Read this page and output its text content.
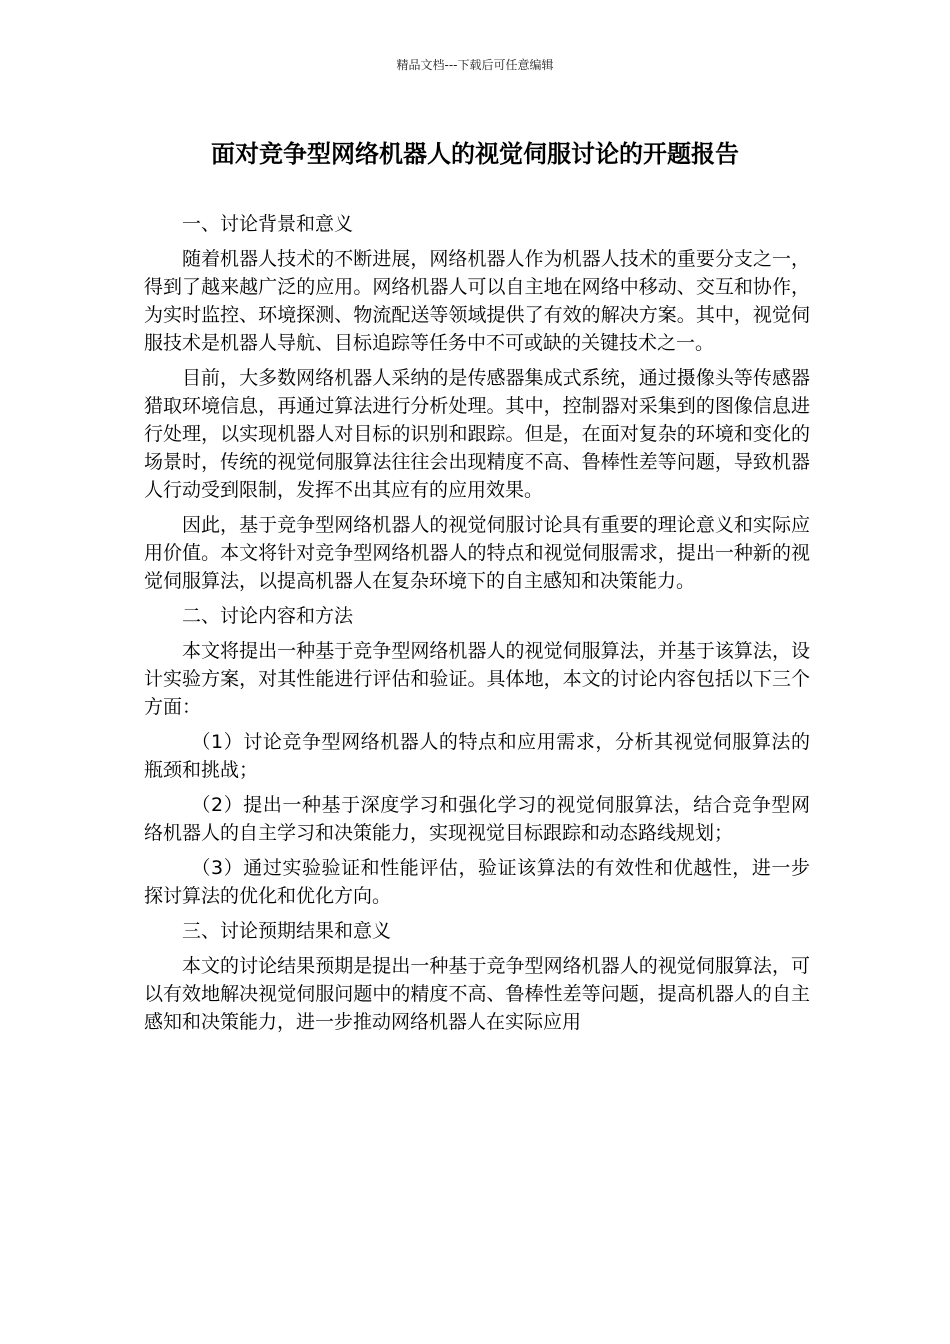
精品文档---下载后可任意编辑
面对竞争型网络机器人的视觉伺服讨论的开题报告

一、讨论背景和意义

随着机器人技术的不断进展，网络机器人作为机器人技术的重要分支之一，得到了越来越广泛的应用。网络机器人可以自主地在网络中移动、交互和协作，为实时监控、环境探测、物流配送等领域提供了有效的解决方案。其中，视觉伺服技术是机器人导航、目标追踪等任务中不可或缺的关键技术之一。

目前，大多数网络机器人采纳的是传感器集成式系统，通过摄像头等传感器猎取环境信息，再通过算法进行分析处理。其中，控制器对采集到的图像信息进行处理，以实现机器人对目标的识别和跟踪。但是，在面对复杂的环境和变化的场景时，传统的视觉伺服算法往往会出现精度不高、鲁棒性差等问题，导致机器人行动受到限制，发挥不出其应有的应用效果。

因此，基于竞争型网络机器人的视觉伺服讨论具有重要的理论意义和实际应用价值。本文将针对竞争型网络机器人的特点和视觉伺服需求，提出一种新的视觉伺服算法，以提高机器人在复杂环境下的自主感知和决策能力。

二、讨论内容和方法

本文将提出一种基于竞争型网络机器人的视觉伺服算法，并基于该算法，设计实验方案，对其性能进行评估和验证。具体地，本文的讨论内容包括以下三个方面：

（1）讨论竞争型网络机器人的特点和应用需求，分析其视觉伺服算法的瓶颈和挑战；

（2）提出一种基于深度学习和强化学习的视觉伺服算法，结合竞争型网络机器人的自主学习和决策能力，实现视觉目标跟踪和动态路线规划；

（3）通过实验验证和性能评估，验证该算法的有效性和优越性，进一步探讨算法的优化和优化方向。

三、讨论预期结果和意义

本文的讨论结果预期是提出一种基于竞争型网络机器人的视觉伺服算法，可以有效地解决视觉伺服问题中的精度不高、鲁棒性差等问题，提高机器人的自主感知和决策能力，进一步推动网络机器人在实际应用
